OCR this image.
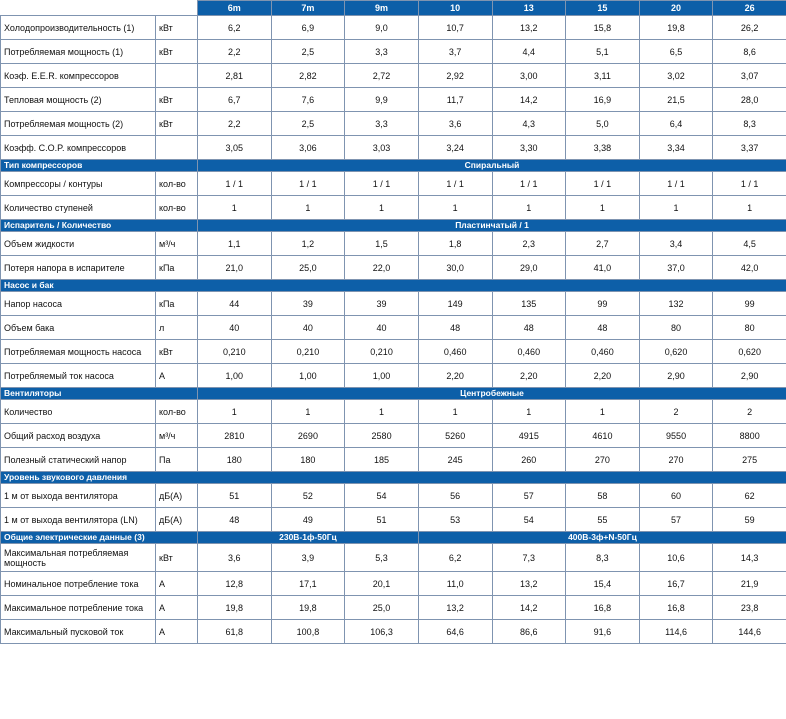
		6m	7m	9m	10	13	15	20	26
Холодопроизводительность (1)	кВт	6,2	6,9	9,0	10,7	13,2	15,8	19,8	26,2
Потребляемая мощность (1)	кВт	2,2	2,5	3,3	3,7	4,4	5,1	6,5	8,6
Коэф. E.E.R. компрессоров		2,81	2,82	2,72	2,92	3,00	3,11	3,02	3,07
Тепловая мощность (2)	кВт	6,7	7,6	9,9	11,7	14,2	16,9	21,5	28,0
Потребляемая мощность (2)	кВт	2,2	2,5	3,3	3,6	4,3	5,0	6,4	8,3
Коэфф. C.O.P. компрессоров		3,05	3,06	3,03	3,24	3,30	3,38	3,34	3,37
Тип компрессоров		Спиральный							
Компрессоры / контуры	кол-во	1 / 1	1 / 1	1 / 1	1 / 1	1 / 1	1 / 1	1 / 1	1 / 1
Количество ступеней	кол-во	1	1	1	1	1	1	1	1
Испаритель / Количество		Пластинчатый / 1							
Объем жидкости	м³/ч	1,1	1,2	1,5	1,8	2,3	2,7	3,4	4,5
Потеря напора в испарителе	кПа	21,0	25,0	22,0	30,0	29,0	41,0	37,0	42,0
Насос и бак									
Напор насоса	кПа	44	39	39	149	135	99	132	99
Объем бака	л	40	40	40	48	48	48	80	80
Потребляемая мощность насоса	кВт	0,210	0,210	0,210	0,460	0,460	0,460	0,620	0,620
Потребляемый ток насоса	А	1,00	1,00	1,00	2,20	2,20	2,20	2,90	2,90
Вентиляторы		Центробежные							
Количество	кол-во	1	1	1	1	1	1	2	2
Общий расход воздуха	м³/ч	2810	2690	2580	5260	4915	4610	9550	8800
Полезный статический напор	Па	180	180	185	245	260	270	270	275
Уровень звукового давления									
1 м от выхода вентилятора	дБ(А)	51	52	54	56	57	58	60	62
1 м от выхода вентилятора (LN)	дБ(А)	48	49	51	53	54	55	57	59
Общие электрические данные (3)		230В-1ф-50Гц			400В-3ф+N-50Гц				
Максимальная потребляемая мощность	кВт	3,6	3,9	5,3	6,2	7,3	8,3	10,6	14,3
Номинальное потребление тока	А	12,8	17,1	20,1	11,0	13,2	15,4	16,7	21,9
Максимальное потребление тока	А	19,8	19,8	25,0	13,2	14,2	16,8	16,8	23,8
Максимальный пусковой ток	А	61,8	100,8	106,3	64,6	86,6	91,6	114,6	144,6
